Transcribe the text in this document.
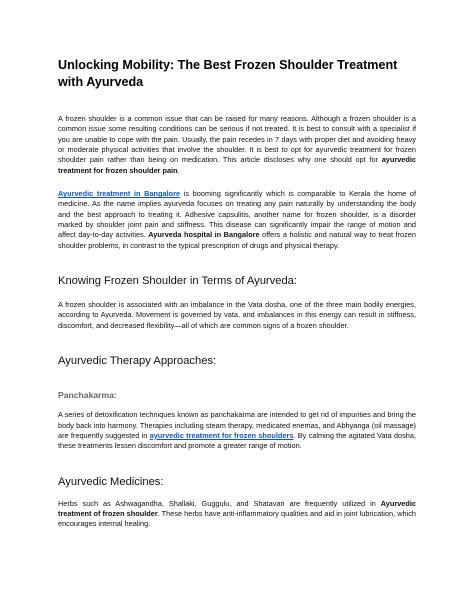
Unlocking Mobility: The Best Frozen Shoulder Treatment with Ayurveda

A frozen shoulder is a common issue that can be raised for many reasons. Although a frozen shoulder is a common issue some resulting conditions can be serious if not treated. It is best to consult with a specialist if you are unable to cope with the pain. Usually, the pain recedes in 7 days with proper diet and avoiding heavy or moderate physical activities that involve the shoulder. It is best to opt for ayurvedic treatment for frozen shoulder pain rather than being on medication. This article discloses why one should opt for ayurvedic treatment for frozen shoulder pain.

Ayurvedic treatment in Bangalore is booming significantly which is comparable to Kerala the home of medicine. As the name implies ayurveda focuses on treating any pain naturally by understanding the body and the best approach to treating it. Adhesive capsulitis, another name for frozen shoulder, is a disorder marked by shoulder joint pain and stiffness. This disease can significantly impair the range of motion and affect day-to-day activities. Ayurveda hospital in Bangalore offers a holistic and natural way to treat frozen shoulder problems, in contrast to the typical prescription of drugs and physical therapy.

Knowing Frozen Shoulder in Terms of Ayurveda:

A frozen shoulder is associated with an imbalance in the Vata dosha, one of the three main bodily energies, according to Ayurveda. Movement is governed by vata, and imbalances in this energy can result in stiffness, discomfort, and decreased flexibility—all of which are common signs of a frozen shoulder.

Ayurvedic Therapy Approaches:
Panchakarma:

A series of detoxification techniques known as panchakarma are intended to get rid of impurities and bring the body back into harmony. Therapies including steam therapy, medicated enemas, and Abhyanga (oil massage) are frequently suggested in ayurvedic treatment for frozen shoulders. By calming the agitated Vata dosha, these treatments lessen discomfort and promote a greater range of motion.

Ayurvedic Medicines:

Herbs such as Ashwagandha, Shallaki, Guggulu, and Shatavari are frequently utilized in Ayurvedic treatment of frozen shoulder. These herbs have anti-inflammatory qualities and aid in joint lubrication, which encourages internal healing.
